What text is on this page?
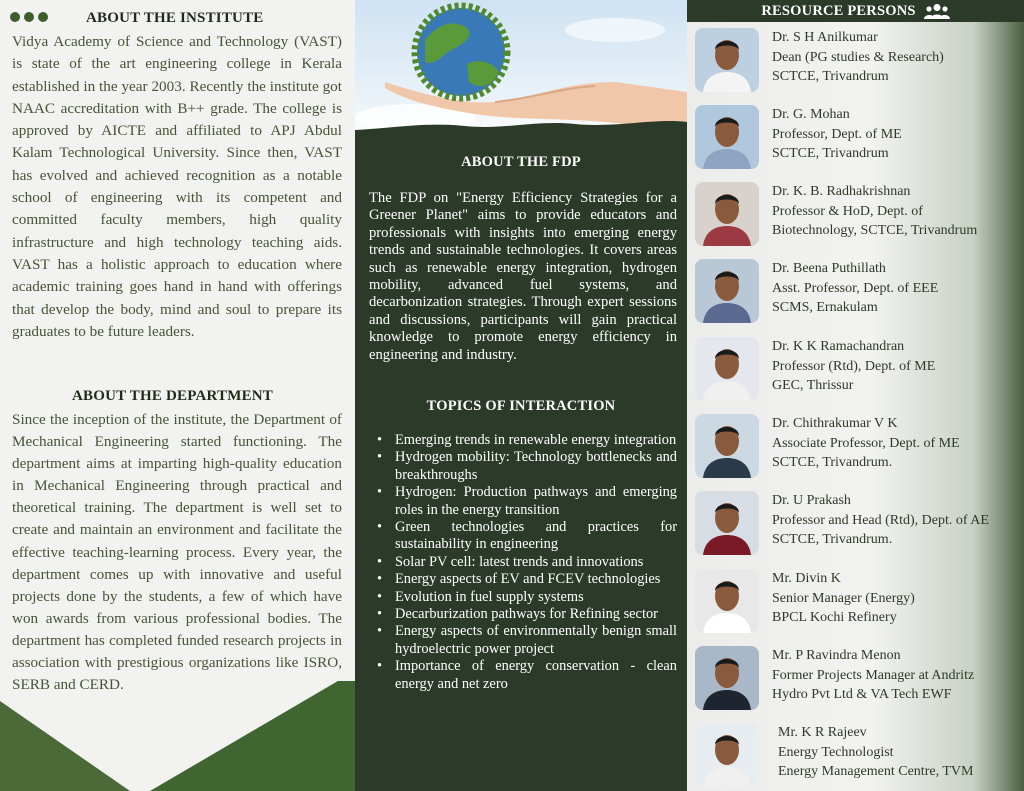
ABOUT THE INSTITUTE
Vidya Academy of Science and Technology (VAST) is state of the art engineering college in Kerala established in the year 2003. Recently the institute got NAAC accreditation with B++ grade. The college is approved by AICTE and affiliated to APJ Abdul Kalam Technological University. Since then, VAST has evolved and achieved recognition as a notable school of engineering with its competent and committed faculty members, high quality infrastructure and high technology teaching aids. VAST has a holistic approach to education where academic training goes hand in hand with offerings that develop the body, mind and soul to prepare its graduates to be future leaders.
ABOUT THE DEPARTMENT
Since the inception of the institute, the Department of Mechanical Engineering started functioning. The department aims at imparting high-quality education in Mechanical Engineering through practical and theoretical training. The department is well set to create and maintain an environment and facilitate the effective teaching-learning process. Every year, the department comes up with innovative and useful projects done by the students, a few of which have won awards from various professional bodies. The department has completed funded research projects in association with prestigious organizations like ISRO, SERB and CERD.
ABOUT THE FDP
The FDP on "Energy Efficiency Strategies for a Greener Planet" aims to provide educators and professionals with insights into emerging energy trends and sustainable technologies. It covers areas such as renewable energy integration, hydrogen mobility, advanced fuel systems, and decarbonization strategies. Through expert sessions and discussions, participants will gain practical knowledge to promote energy efficiency in engineering and industry.
TOPICS OF INTERACTION
• Emerging trends in renewable energy integration
• Hydrogen mobility: Technology bottlenecks and breakthroughs
• Hydrogen: Production pathways and emerging roles in the energy transition
• Green technologies and practices for sustainability in engineering
• Solar PV cell: latest trends and innovations
• Energy aspects of EV and FCEV technologies
• Evolution in fuel supply systems
• Decarburization pathways for Refining sector
• Energy aspects of environmentally benign small hydroelectric power project
• Importance of energy conservation - clean energy and net zero
RESOURCE PERSONS
Dr. S H Anilkumar
Dean (PG studies & Research)
SCTCE, Trivandrum
Dr. G. Mohan
Professor, Dept. of ME
SCTCE, Trivandrum
Dr. K. B. Radhakrishnan
Professor & HoD, Dept. of
Biotechnology, SCTCE, Trivandrum
Dr. Beena Puthillath
Asst. Professor, Dept. of EEE
SCMS, Ernakulam
Dr. K K Ramachandran
Professor (Rtd), Dept. of ME
GEC, Thrissur
Dr. Chithrakumar V K
Associate Professor, Dept. of ME
SCTCE, Trivandrum.
Dr. U Prakash
Professor and Head (Rtd), Dept. of AE
SCTCE, Trivandrum.
Mr. Divin K
Senior Manager (Energy)
BPCL Kochi Refinery
Mr. P Ravindra Menon
Former Projects Manager at Andritz
Hydro Pvt Ltd & VA Tech EWF
Mr. K R Rajeev
Energy Technologist
Energy Management Centre, TVM
